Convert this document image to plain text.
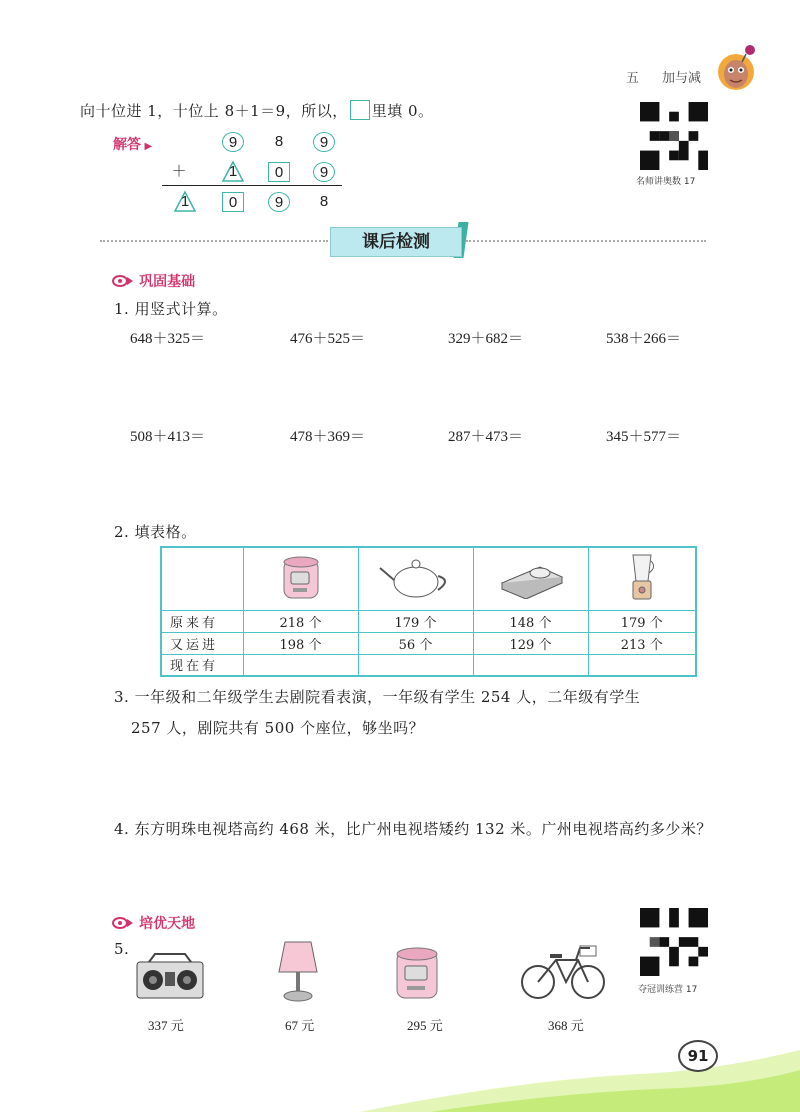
五 加与减
向十位进 1，十位上 8＋1＝9，所以， 里填 0。
解答 ▶	9	8	9
＋	1	0	9
1	0	9	8
名师讲奥数 17
课后检测
巩固基础
1. 用竖式计算。
648＋325＝	476＋525＝	329＋682＝	538＋266＝
508＋413＝	478＋369＝	287＋473＝	345＋577＝
2. 填表格。

原来有	218 个	179 个	148 个	179 个
又运进	198 个	56 个	129 个	213 个
现在有				
3. 一年级和二年级学生去剧院看表演，一年级有学生 254 人，二年级有学生
257 人，剧院共有 500 个座位，够坐吗？
4. 东方明珠电视塔高约 468 米，比广州电视塔矮约 132 米。广州电视塔高约多少米？
培优天地
5.
337 元	67 元	295 元	368 元
夺冠训练营 17
91
